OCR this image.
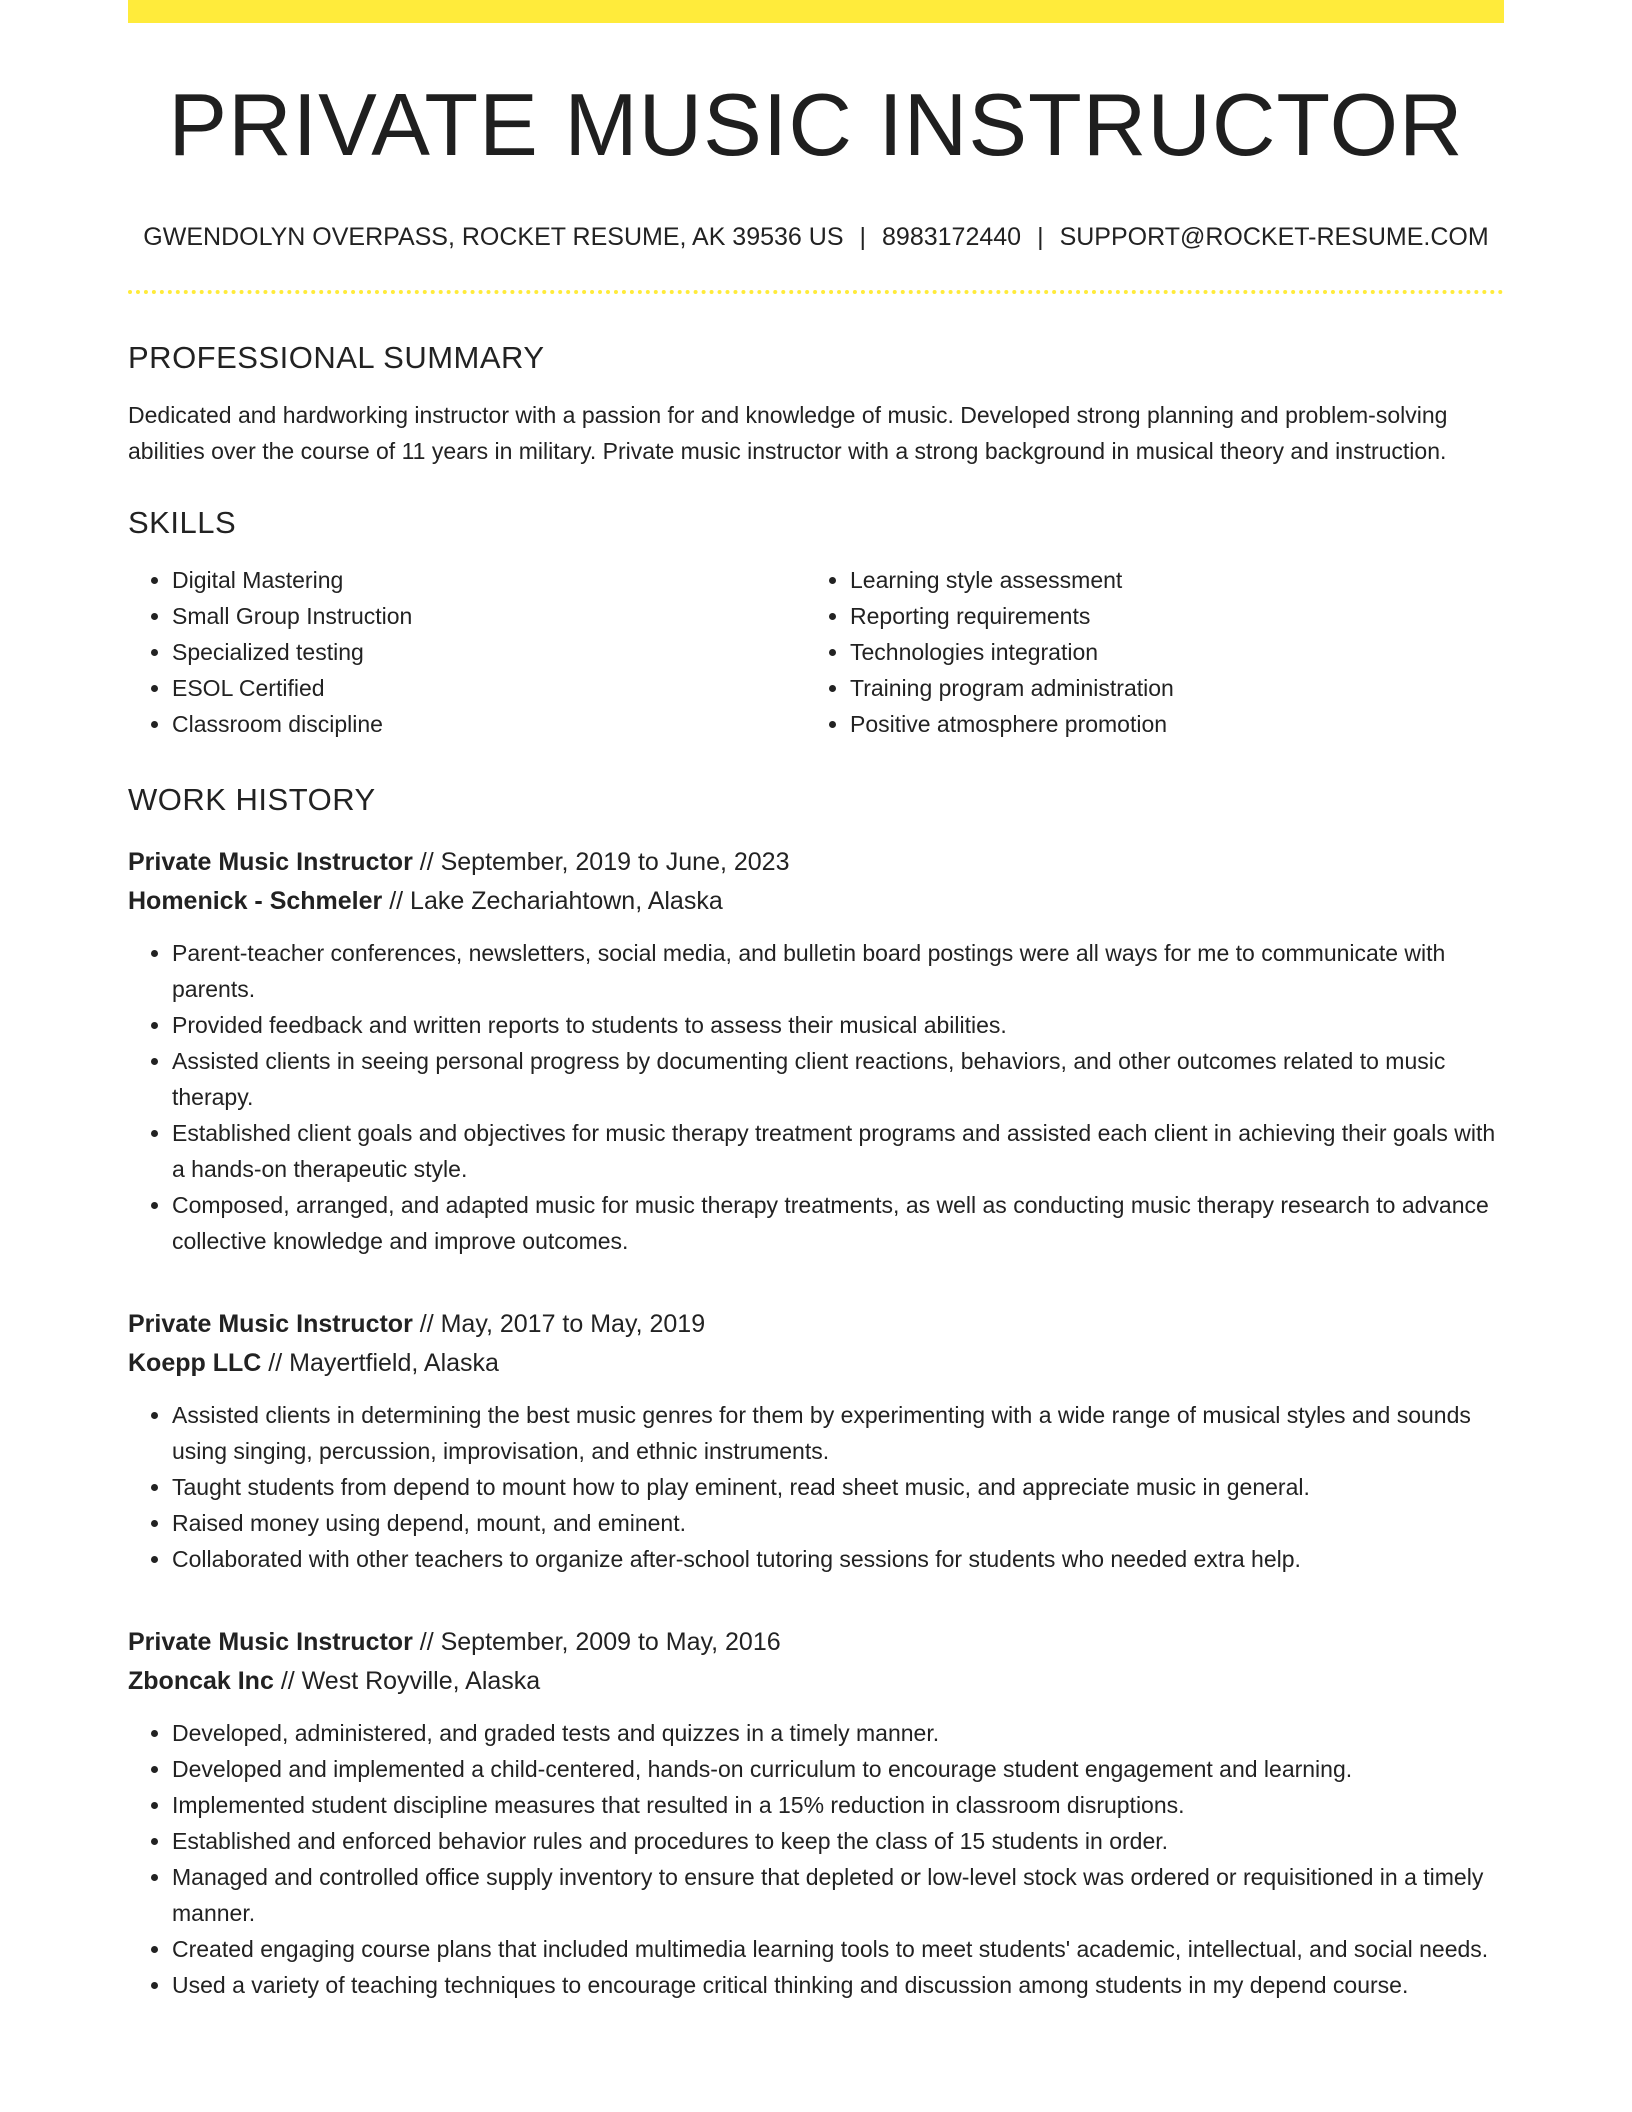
PRIVATE MUSIC INSTRUCTOR
GWENDOLYN OVERPASS, ROCKET RESUME, AK 39536 US | 8983172440 | SUPPORT@ROCKET-RESUME.COM
PROFESSIONAL SUMMARY
Dedicated and hardworking instructor with a passion for and knowledge of music. Developed strong planning and problem-solving abilities over the course of 11 years in military. Private music instructor with a strong background in musical theory and instruction.
SKILLS
• Digital Mastering
• Small Group Instruction
• Specialized testing
• ESOL Certified
• Classroom discipline
• Learning style assessment
• Reporting requirements
• Technologies integration
• Training program administration
• Positive atmosphere promotion
WORK HISTORY
Private Music Instructor // September, 2019 to June, 2023
Homenick - Schmeler // Lake Zechariahtown, Alaska
• Parent-teacher conferences, newsletters, social media, and bulletin board postings were all ways for me to communicate with parents.
• Provided feedback and written reports to students to assess their musical abilities.
• Assisted clients in seeing personal progress by documenting client reactions, behaviors, and other outcomes related to music therapy.
• Established client goals and objectives for music therapy treatment programs and assisted each client in achieving their goals with a hands-on therapeutic style.
• Composed, arranged, and adapted music for music therapy treatments, as well as conducting music therapy research to advance collective knowledge and improve outcomes.
Private Music Instructor // May, 2017 to May, 2019
Koepp LLC // Mayertfield, Alaska
• Assisted clients in determining the best music genres for them by experimenting with a wide range of musical styles and sounds using singing, percussion, improvisation, and ethnic instruments.
• Taught students from depend to mount how to play eminent, read sheet music, and appreciate music in general.
• Raised money using depend, mount, and eminent.
• Collaborated with other teachers to organize after-school tutoring sessions for students who needed extra help.
Private Music Instructor // September, 2009 to May, 2016
Zboncak Inc // West Royville, Alaska
• Developed, administered, and graded tests and quizzes in a timely manner.
• Developed and implemented a child-centered, hands-on curriculum to encourage student engagement and learning.
• Implemented student discipline measures that resulted in a 15% reduction in classroom disruptions.
• Established and enforced behavior rules and procedures to keep the class of 15 students in order.
• Managed and controlled office supply inventory to ensure that depleted or low-level stock was ordered or requisitioned in a timely manner.
• Created engaging course plans that included multimedia learning tools to meet students' academic, intellectual, and social needs.
• Used a variety of teaching techniques to encourage critical thinking and discussion among students in my depend course.
